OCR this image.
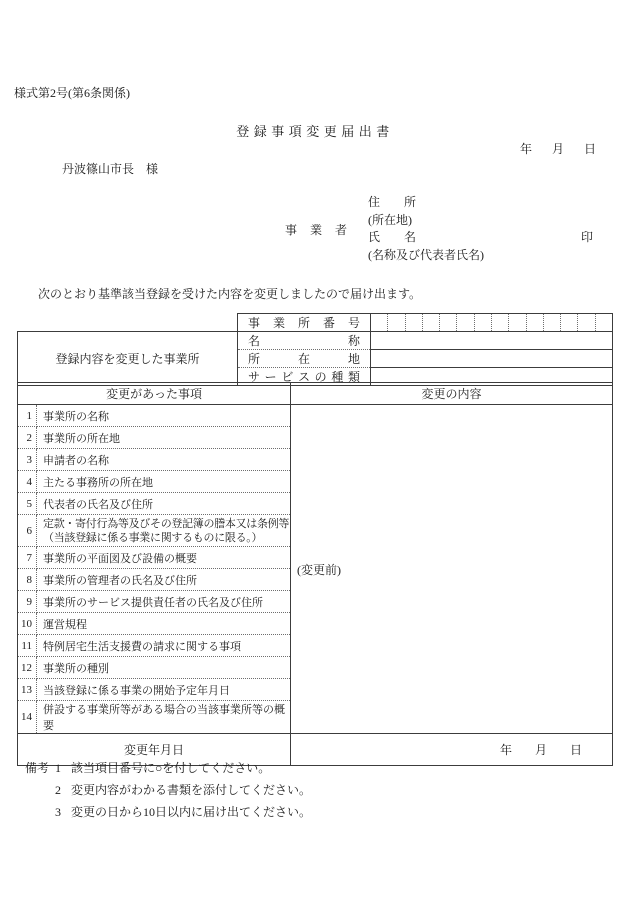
様式第2号(第6条関係)
登録事項変更届出書
年 月 日
丹波篠山市長　様
事業者
住所
(所在地)
氏名	印
(名称及び代表者氏名)
次のとおり基準該当登録を受けた内容を変更しましたので届け出ます。

	事業所番号	

登録内容を変更した事業所	名称	

	所在地	

	サービスの種類	

変更があった事項		変更の内容
1	事業所の名称	(変更前)
2	事業所の所在地	
3	申請者の名称	
4	主たる事務所の所在地	
5	代表者の氏名及び住所	
6	定款・寄付行為等及びその登記簿の謄本又は条例等
（当該登録に係る事業に関するものに限る。）	

7	事業所の平面図及び設備の概要	
8	事業所の管理者の氏名及び住所	
9	事業所のサービス提供責任者の氏名及び住所	
10	運営規程	
11	特例居宅生活支援費の請求に関する事項	
12	事業所の種別	
13	当該登録に係る事業の開始予定年月日	
14	併設する事業所等がある場合の当該事業所等の概要	
変更年月日		年 月 日
備考 1 該当項目番号に○を付してください。
2 変更内容がわかる書類を添付してください。
3 変更の日から10日以内に届け出てください。
